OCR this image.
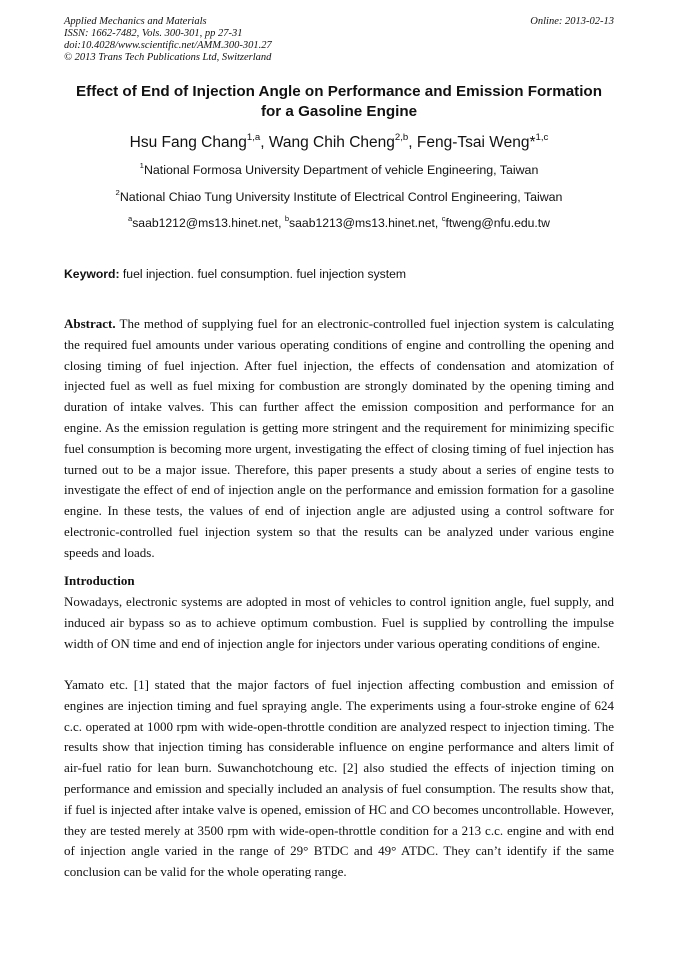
Applied Mechanics and Materials
ISSN: 1662-7482, Vols. 300-301, pp 27-31
doi:10.4028/www.scientific.net/AMM.300-301.27
© 2013 Trans Tech Publications Ltd, Switzerland
Online: 2013-02-13
Effect of End of Injection Angle on Performance and Emission Formation
for a Gasoline Engine
Hsu Fang Chang$^{1,a}$, Wang Chih Cheng$^{2,b}$, Feng-Tsai Weng*$^{1,c}$
$^1$National Formosa University Department of vehicle Engineering, Taiwan
$^2$National Chiao Tung University Institute of Electrical Control Engineering, Taiwan
$^a$saab1212@ms13.hinet.net, $^b$saab1213@ms13.hinet.net, $^c$ftweng@nfu.edu.tw
Keyword: fuel injection. fuel consumption. fuel injection system

Abstract. The method of supplying fuel for an electronic-controlled fuel injection system is calculating the required fuel amounts under various operating conditions of engine and controlling the opening and closing timing of fuel injection. After fuel injection, the effects of condensation and atomization of injected fuel as well as fuel mixing for combustion are strongly dominated by the opening timing and duration of intake valves. This can further affect the emission composition and performance for an engine. As the emission regulation is getting more stringent and the requirement for minimizing specific fuel consumption is becoming more urgent, investigating the effect of closing timing of fuel injection has turned out to be a major issue. Therefore, this paper presents a study about a series of engine tests to investigate the effect of end of injection angle on the performance and emission formation for a gasoline engine. In these tests, the values of end of injection angle are adjusted using a control software for electronic-controlled fuel injection system so that the results can be analyzed under various engine speeds and loads.

Introduction

Nowadays, electronic systems are adopted in most of vehicles to control ignition angle, fuel supply, and induced air bypass so as to achieve optimum combustion. Fuel is supplied by controlling the impulse width of ON time and end of injection angle for injectors under various operating conditions of engine.

Yamato etc. [1] stated that the major factors of fuel injection affecting combustion and emission of engines are injection timing and fuel spraying angle. The experiments using a four-stroke engine of 624 c.c. operated at 1000 rpm with wide-open-throttle condition are analyzed respect to injection timing. The results show that injection timing has considerable influence on engine performance and alters limit of air-fuel ratio for lean burn. Suwanchotchoung etc. [2] also studied the effects of injection timing on performance and emission and specially included an analysis of fuel consumption. The results show that, if fuel is injected after intake valve is opened, emission of HC and CO becomes uncontrollable. However, they are tested merely at 3500 rpm with wide-open-throttle condition for a 213 c.c. engine and with end of injection angle varied in the range of 29° BTDC and 49° ATDC. They can’t identify if the same conclusion can be valid for the whole operating range.
